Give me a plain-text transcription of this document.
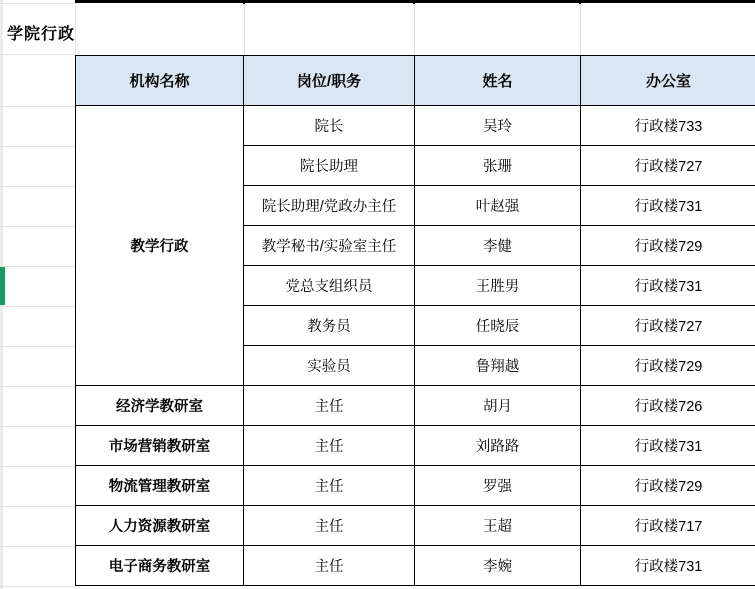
学院行政
机构名称	岗位/职务	姓名	办公室
教学行政	院长	吴玲	行政楼733
	院长助理	张珊	行政楼727
	院长助理/党政办主任	叶赵强	行政楼731
	教学秘书/实验室主任	李健	行政楼729
	党总支组织员	王胜男	行政楼731
	教务员	任晓辰	行政楼727
	实验员	鲁翔越	行政楼729
经济学教研室	主任	胡月	行政楼726
市场营销教研室	主任	刘路路	行政楼731
物流管理教研室	主任	罗强	行政楼729
人力资源教研室	主任	王超	行政楼717
电子商务教研室	主任	李婉	行政楼731
